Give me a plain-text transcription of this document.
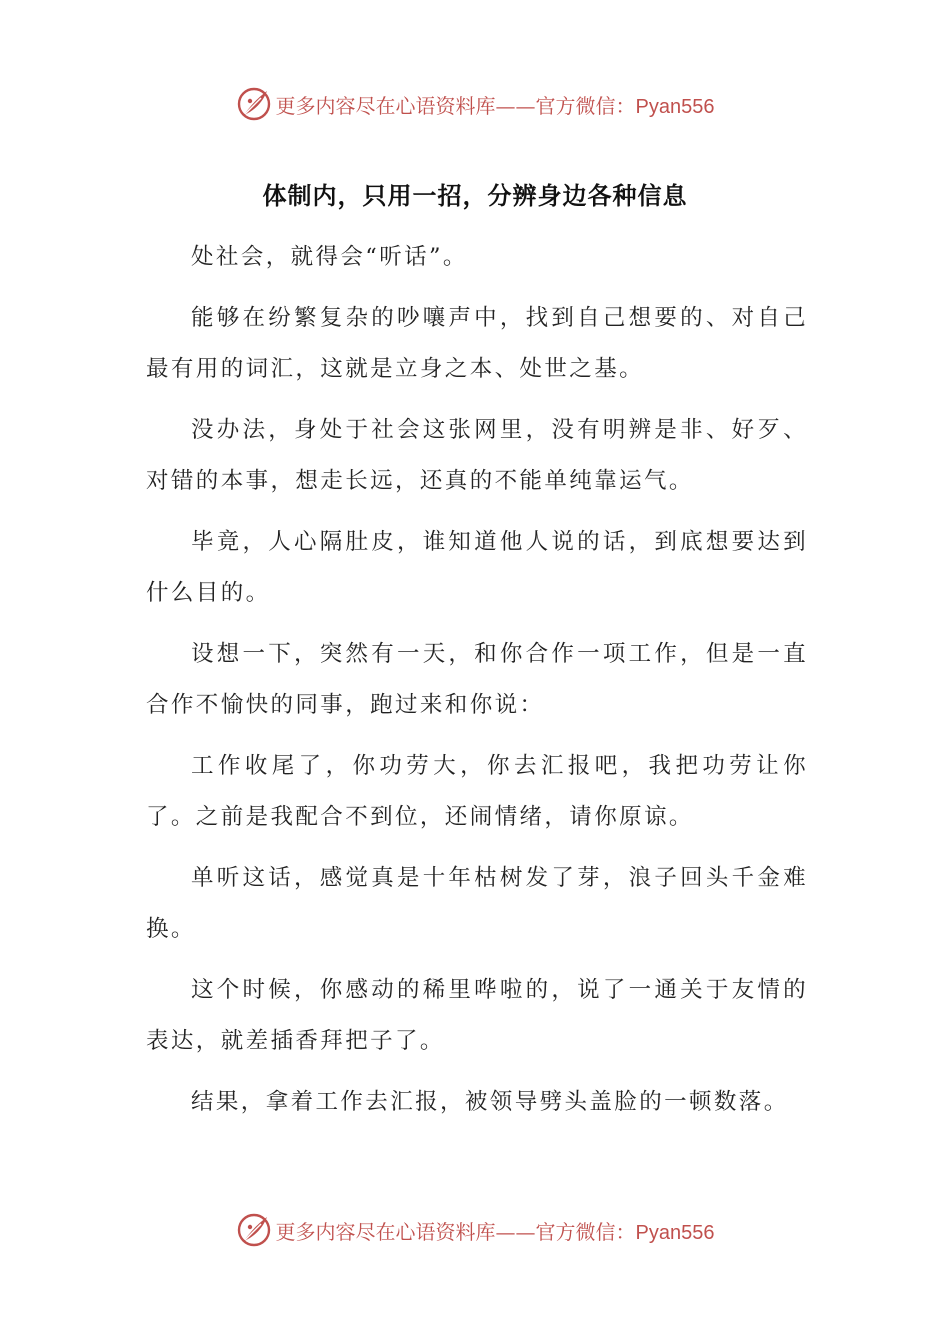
更多内容尽在心语资料库——官方微信：Pyan556
体制内，只用一招，分辨身边各种信息

处社会，就得会“听话”。

能够在纷繁复杂的吵嚷声中，找到自己想要的、对自己最有用的词汇，这就是立身之本、处世之基。

没办法，身处于社会这张网里，没有明辨是非、好歹、对错的本事，想走长远，还真的不能单纯靠运气。

毕竟，人心隔肚皮，谁知道他人说的话，到底想要达到什么目的。

设想一下，突然有一天，和你合作一项工作，但是一直合作不愉快的同事，跑过来和你说：

工作收尾了，你功劳大，你去汇报吧，我把功劳让你了。之前是我配合不到位，还闹情绪，请你原谅。

单听这话，感觉真是十年枯树发了芽，浪子回头千金难换。

这个时候，你感动的稀里哗啦的，说了一通关于友情的表达，就差插香拜把子了。

结果，拿着工作去汇报，被领导劈头盖脸的一顿数落。

更多内容尽在心语资料库——官方微信：Pyan556
